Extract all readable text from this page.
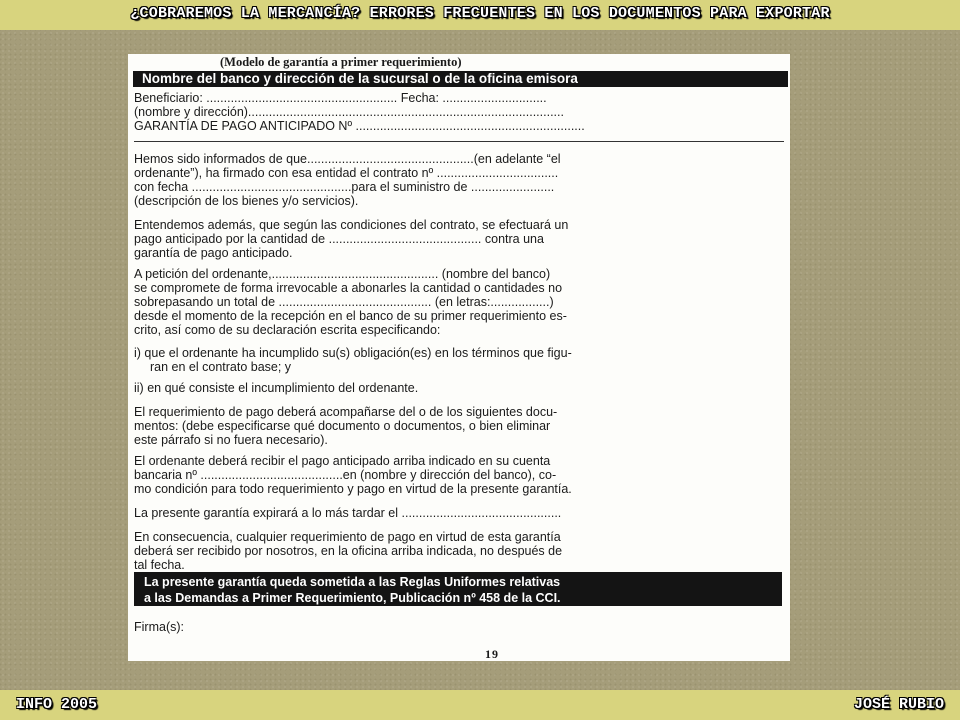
¿COBRAREMOS LA MERCANCÍA? ERRORES FRECUENTES EN LOS DOCUMENTOS PARA EXPORTAR
(Modelo de garantía a primer requerimiento)
Nombre del banco y dirección de la sucursal o de la oficina emisora
Beneficiario: ....................................................... Fecha: ..............................
(nombre y dirección)...........................................................................................
GARANTÍA DE PAGO ANTICIPADO Nº ..................................................................
Hemos sido informados de que................................................(en adelante “el
ordenante”), ha firmado con esa entidad el contrato nº ...................................
con fecha ..............................................para el suministro de ........................
(descripción de los bienes y/o servicios).
Entendemos además, que según las condiciones del contrato, se efectuará un
pago anticipado por la cantidad de ............................................ contra una
garantía de pago anticipado.
A petición del ordenante,................................................ (nombre del banco)
se compromete de forma irrevocable a abonarles la cantidad o cantidades no
sobrepasando un total de ............................................ (en letras:.................)
desde el momento de la recepción en el banco de su primer requerimiento es-
crito, así como de su declaración escrita especificando:
i) que el ordenante ha incumplido su(s) obligación(es) en los términos que figu-
ran en el contrato base; y
ii) en qué consiste el incumplimiento del ordenante.
El requerimiento de pago deberá acompañarse del o de los siguientes docu-
mentos: (debe especificarse qué documento o documentos, o bien eliminar
este párrafo si no fuera necesario).
El ordenante deberá recibir el pago anticipado arriba indicado en su cuenta
bancaria nº .........................................en (nombre y dirección del banco), co-
mo condición para todo requerimiento y pago en virtud de la presente garantía.
La presente garantía expirará a lo más tardar el ..............................................
En consecuencia, cualquier requerimiento de pago en virtud de esta garantía
deberá ser recibido por nosotros, en la oficina arriba indicada, no después de
tal fecha.
La presente garantía queda sometida a las Reglas Uniformes relativas
a las Demandas a Primer Requerimiento, Publicación nº 458 de la CCI.
Firma(s):
19
INFO 2005	JOSÉ RUBIO
